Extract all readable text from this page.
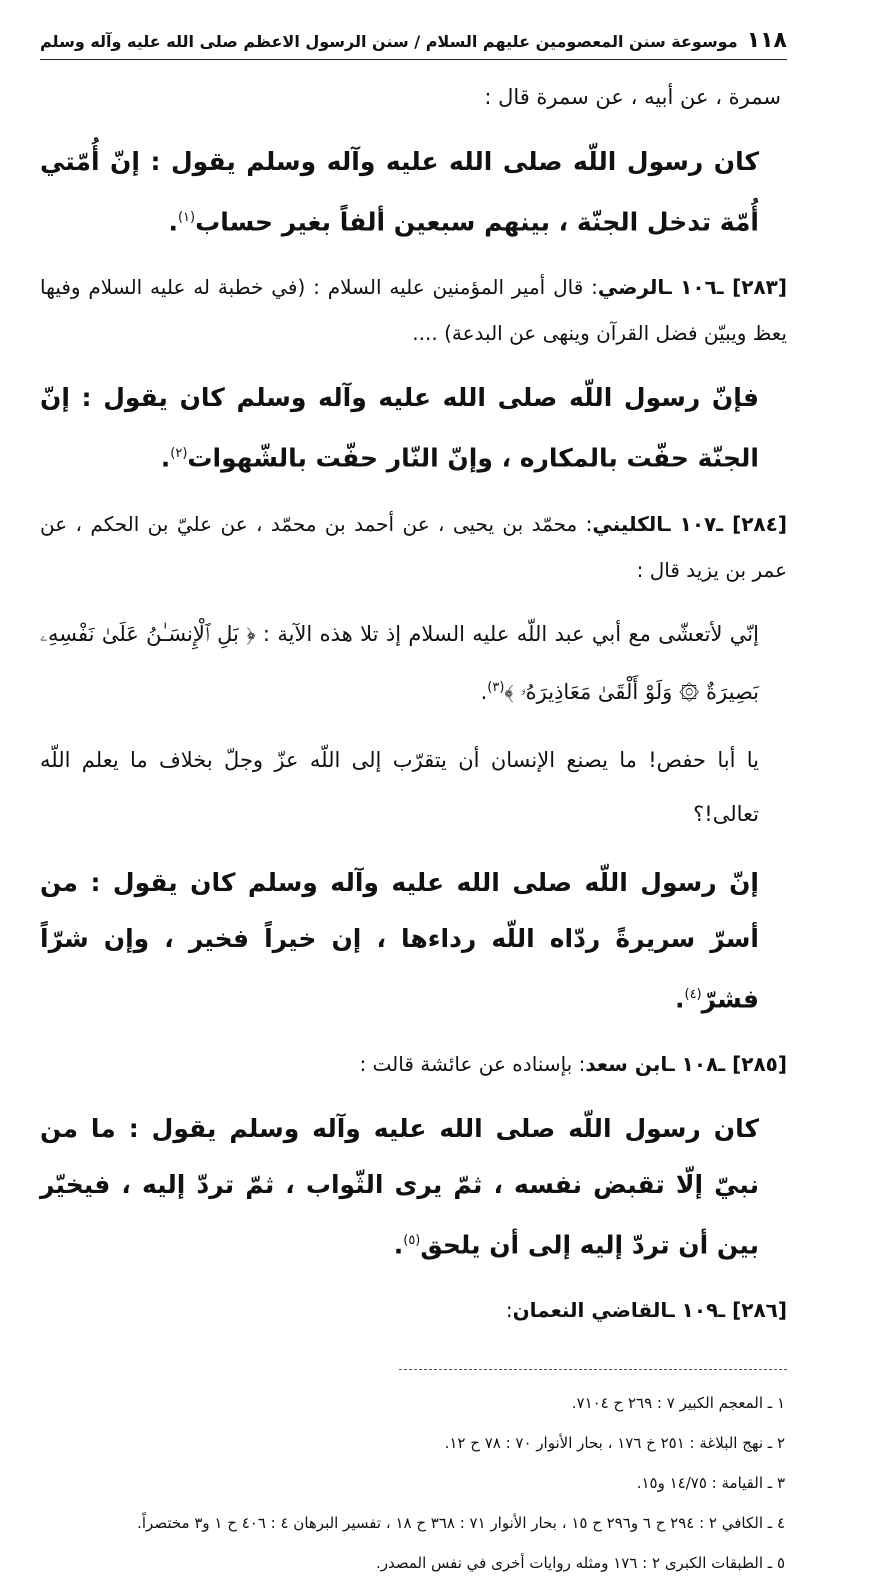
١١٨
موسوعة سنن المعصومين عليهم السلام / سنن الرسول الاعظم صلى الله عليه وآله وسلم

سمرة ، عن أبيه ، عن سمرة قال :

كان رسول اللّه صلى الله عليه وآله وسلم يقول : إنّ أُمّتي أُمّة تدخل الجنّة ، بينهم سبعين ألفاً بغير حساب$^{(١)}$.

[٢٨٣] ـ١٠٦ ـالرضي: قال أمير المؤمنين عليه السلام : (في خطبة له عليه السلام وفيها يعظ ويبيّن فضل القرآن وينهى عن البدعة) ....

فإنّ رسول اللّه صلى الله عليه وآله وسلم كان يقول : إنّ الجنّة حفّت بالمكاره ، وإنّ النّار حفّت بالشّهوات$^{(٢)}$.

[٢٨٤] ـ١٠٧ ـالكليني: محمّد بن يحيى ، عن أحمد بن محمّد ، عن عليّ بن الحكم ، عن عمر بن يزيد قال :

إنّي لأتعشّى مع أبي عبد اللّه عليه السلام إذ تلا هذه الآية : ﴿ بَلِ ٱلْإِنسَـٰنُ عَلَىٰ نَفْسِهِۦ بَصِيرَةٌ ۞ وَلَوْ أَلْقَىٰ مَعَاذِيرَهُۥ ﴾$^{(٣)}$.

يا أبا حفص! ما يصنع الإنسان أن يتقرّب إلى اللّه عزّ وجلّ بخلاف ما يعلم اللّه تعالى!؟

إنّ رسول اللّه صلى الله عليه وآله وسلم كان يقول : من أسرّ سريرةً ردّاه اللّه رداءها ، إن خيراً فخير ، وإن شرّاً فشرّ$^{(٤)}$.

[٢٨٥] ـ١٠٨ ـابن سعد: بإسناده عن عائشة قالت :

كان رسول اللّه صلى الله عليه وآله وسلم يقول : ما من نبيّ إلّا تقبض نفسه ، ثمّ يرى الثّواب ، ثمّ تردّ إليه ، فيخيّر بين أن تردّ إليه إلى أن يلحق$^{(٥)}$.

[٢٨٦] ـ١٠٩ ـالقاضي النعمان:

١ ـ المعجم الكبير ٧ : ٢٦٩ ح ٧١٠٤.

٢ ـ نهج البلاغة : ٢٥١ خ ١٧٦ ، بحار الأنوار ٧٠ : ٧٨ ح ١٢.

٣ ـ القيامة : ١٤/٧٥ و١٥.

٤ ـ الكافي ٢ : ٢٩٤ ح ٦ و٢٩٦ ح ١٥ ، بحار الأنوار ٧١ : ٣٦٨ ح ١٨ ، تفسير البرهان ٤ : ٤٠٦ ح ١ و٣ مختصراً.

٥ ـ الطبقات الكبرى ٢ : ١٧٦ ومثله روايات أخرى في نفس المصدر.
